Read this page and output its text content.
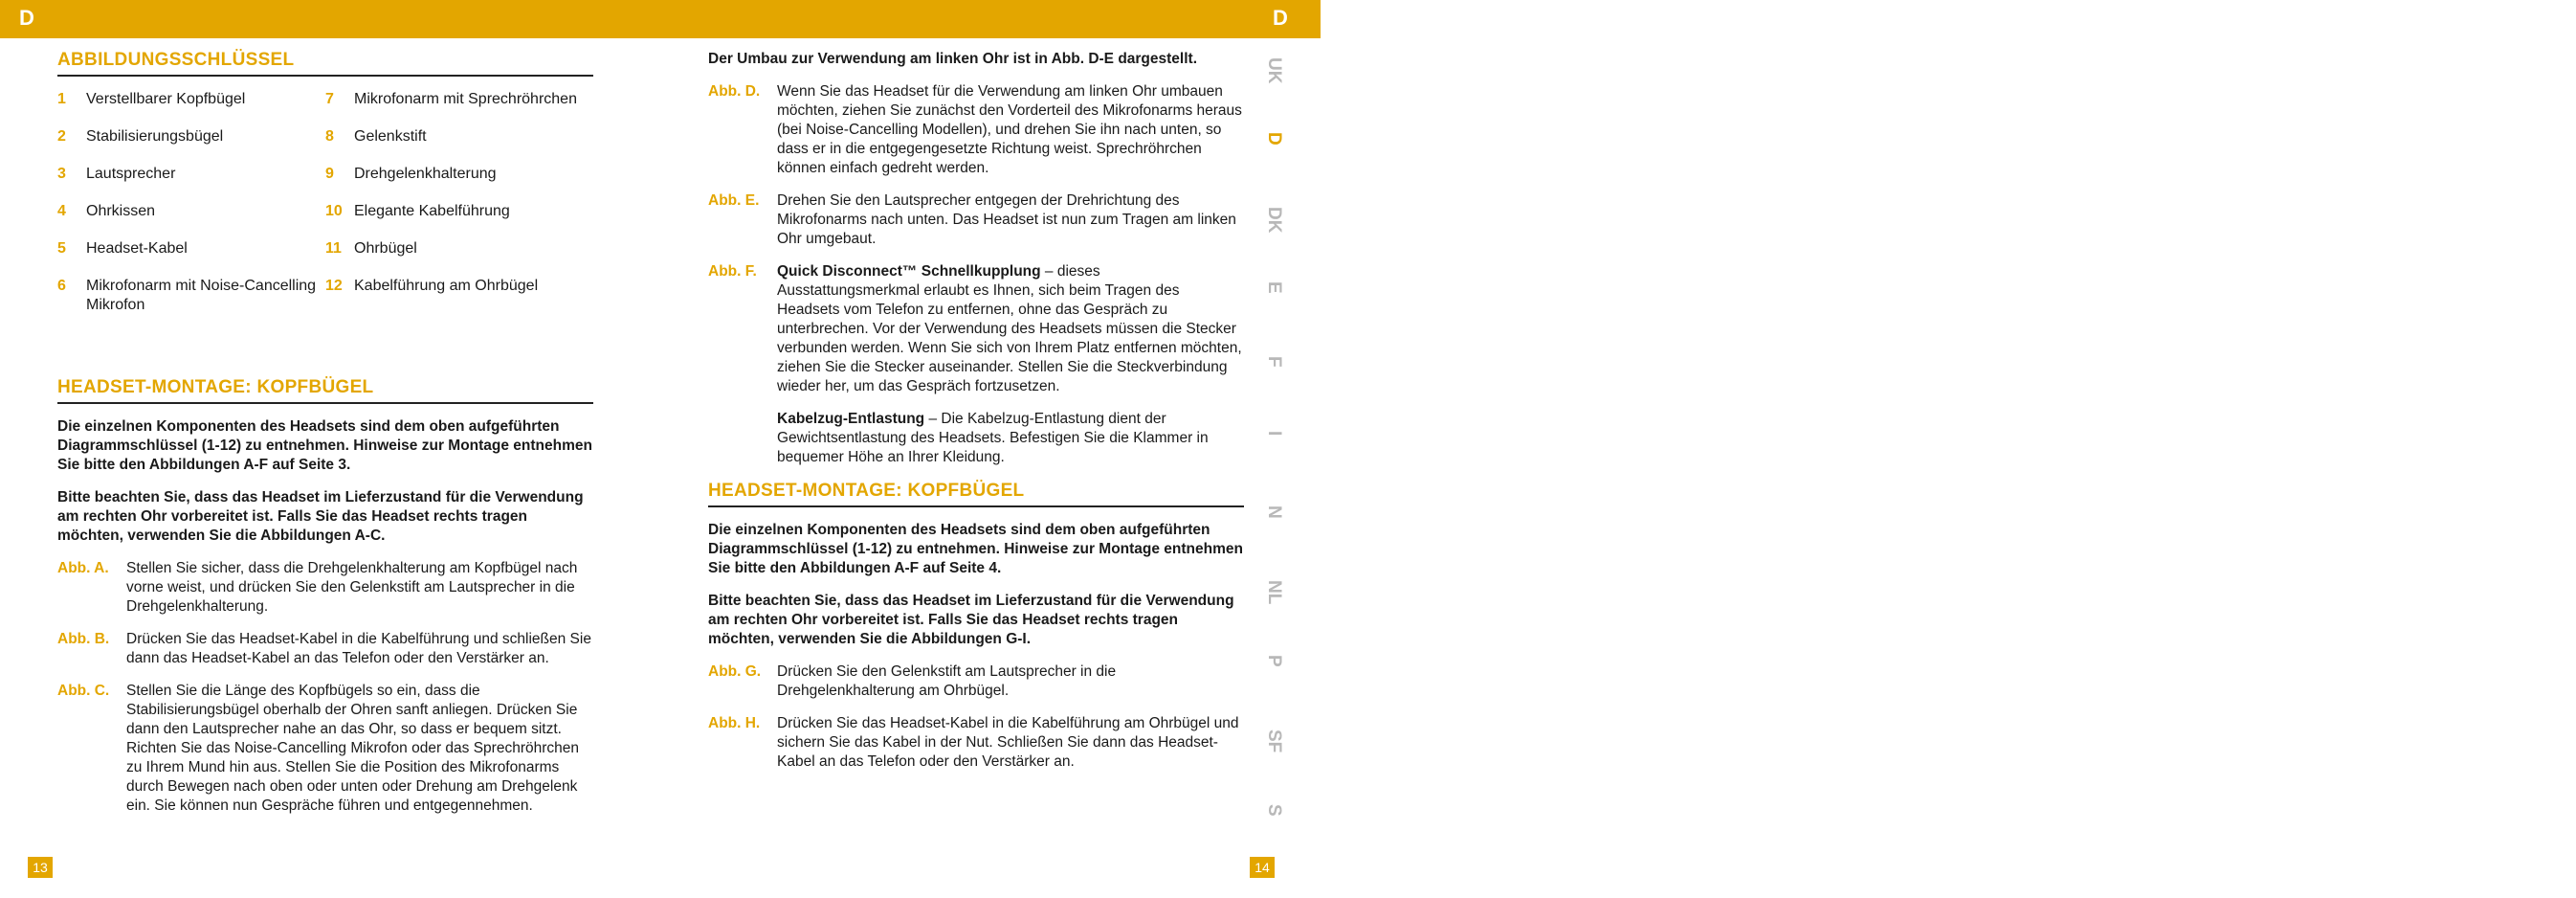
D	D
ABBILDUNGSSCHLÜSSEL
1	Verstellbarer Kopfbügel
2	Stabilisierungsbügel
3	Lautsprecher
4	Ohrkissen
5	Headset-Kabel
6	Mikrofonarm mit Noise-Cancelling Mikrofon
7	Mikrofonarm mit Sprechröhrchen
8	Gelenkstift
9	Drehgelenkhalterung
10 Elegante Kabelführung
11 Ohrbügel
12 Kabelführung am Ohrbügel
HEADSET-MONTAGE: KOPFBÜGEL

Die einzelnen Komponenten des Headsets sind dem oben aufgeführten Diagrammschlüssel (1-12) zu entnehmen. Hinweise zur Montage entnehmen Sie bitte den Abbildungen A-F auf Seite 3.

Bitte beachten Sie, dass das Headset im Lieferzustand für die Verwendung am rechten Ohr vorbereitet ist. Falls Sie das Headset rechts tragen möchten, verwenden Sie die Abbildungen A-C.

Abb. A.	Stellen Sie sicher, dass die Drehgelenkhalterung am Kopfbügel nach vorne weist, und drücken Sie den Gelenkstift am Lautsprecher in die Drehgelenkhalterung.
Abb. B.	Drücken Sie das Headset-Kabel in die Kabelführung und schließen Sie dann das Headset-Kabel an das Telefon oder den Verstärker an.
Abb. C.	Stellen Sie die Länge des Kopfbügels so ein, dass die Stabilisierungsbügel oberhalb der Ohren sanft anliegen. Drücken Sie dann den Lautsprecher nahe an das Ohr, so dass er bequem sitzt. Richten Sie das Noise-Cancelling Mikrofon oder das Sprechröhrchen zu Ihrem Mund hin aus. Stellen Sie die Position des Mikrofonarms durch Bewegen nach oben oder unten oder Drehung am Drehgelenk ein. Sie können nun Gespräche führen und entgegennehmen.
13

Der Umbau zur Verwendung am linken Ohr ist in Abb. D-E dargestellt.

Abb. D.	Wenn Sie das Headset für die Verwendung am linken Ohr umbauen möchten, ziehen Sie zunächst den Vorderteil des Mikrofonarms heraus (bei Noise-Cancelling Modellen), und drehen Sie ihn nach unten, so dass er in die entgegengesetzte Richtung weist. Sprechröhrchen können einfach gedreht werden.
Abb. E.	Drehen Sie den Lautsprecher entgegen der Drehrichtung des Mikrofonarms nach unten. Das Headset ist nun zum Tragen am linken Ohr umgebaut.
Abb. F.	Quick Disconnect™ Schnellkupplung – dieses Ausstattungsmerkmal erlaubt es Ihnen, sich beim Tragen des Headsets vom Telefon zu entfernen, ohne das Gespräch zu unterbrechen. Vor der Verwendung des Headsets müssen die Stecker verbunden werden. Wenn Sie sich von Ihrem Platz entfernen möchten, ziehen Sie die Stecker auseinander. Stellen Sie die Steckverbindung wieder her, um das Gespräch fortzusetzen.
Kabelzug-Entlastung – Die Kabelzug-Entlastung dient der Gewichtsentlastung des Headsets. Befestigen Sie die Klammer in bequemer Höhe an Ihrer Kleidung.
HEADSET-MONTAGE: KOPFBÜGEL

Die einzelnen Komponenten des Headsets sind dem oben aufgeführten Diagrammschlüssel (1-12) zu entnehmen. Hinweise zur Montage entnehmen Sie bitte den Abbildungen A-F auf Seite 4.

Bitte beachten Sie, dass das Headset im Lieferzustand für die Verwendung am rechten Ohr vorbereitet ist. Falls Sie das Headset rechts tragen möchten, verwenden Sie die Abbildungen G-I.

Abb. G.	Drücken Sie den Gelenkstift am Lautsprecher in die Drehgelenkhalterung am Ohrbügel.
Abb. H.	Drücken Sie das Headset-Kabel in die Kabelführung am Ohrbügel und sichern Sie das Kabel in der Nut. Schließen Sie dann das Headset-Kabel an das Telefon oder den Verstärker an.
14
UK
D
DK
E
F
I
N
NL
P
SF
S
